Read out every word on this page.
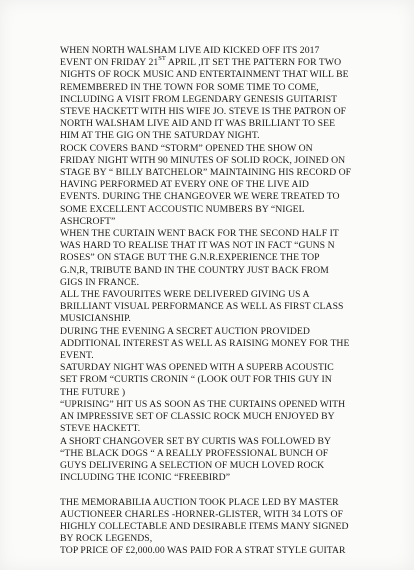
WHEN NORTH WALSHAM LIVE AID KICKED OFF ITS 2017
EVENT ON FRIDAY 21ST APRIL ,IT SET THE PATTERN FOR TWO
NIGHTS OF ROCK MUSIC AND ENTERTAINMENT THAT WILL BE
REMEMBERED IN THE TOWN FOR SOME TIME TO COME,
INCLUDING A VISIT FROM LEGENDARY GENESIS GUITARIST
STEVE HACKETT WITH HIS WIFE JO. STEVE IS THE PATRON OF
NORTH WALSHAM LIVE AID AND IT WAS BRILLIANT TO SEE
HIM AT THE GIG ON THE SATURDAY NIGHT.

ROCK COVERS BAND “STORM” OPENED THE SHOW ON
FRIDAY NIGHT WITH 90 MINUTES OF SOLID ROCK, JOINED ON
STAGE BY “ BILLY BATCHELOR” MAINTAINING HIS RECORD OF
HAVING PERFORMED AT EVERY ONE OF THE LIVE AID
EVENTS. DURING THE CHANGEOVER WE WERE TREATED TO
SOME EXCELLENT ACCOUSTIC NUMBERS BY “NIGEL
ASHCROFT”

WHEN THE CURTAIN WENT BACK FOR THE SECOND HALF IT
WAS HARD TO REALISE THAT IT WAS NOT IN FACT “GUNS N
ROSES” ON STAGE BUT THE G.N.R.EXPERIENCE THE TOP
G.N,R, TRIBUTE BAND IN THE COUNTRY JUST BACK FROM
GIGS IN FRANCE.

ALL THE FAVOURITES WERE DELIVERED GIVING US A
BRILLIANT VISUAL PERFORMANCE AS WELL AS FIRST CLASS
MUSICIANSHIP.

DURING THE EVENING A SECRET AUCTION PROVIDED
ADDITIONAL INTEREST AS WELL AS RAISING MONEY FOR THE
EVENT.

SATURDAY NIGHT WAS OPENED WITH A SUPERB ACOUSTIC
SET FROM “CURTIS CRONIN “ (LOOK OUT FOR THIS GUY IN
THE FUTURE )

“UPRISING” HIT US AS SOON AS THE CURTAINS OPENED WITH
AN IMPRESSIVE SET OF CLASSIC ROCK MUCH ENJOYED BY
STEVE HACKETT.

A SHORT CHANGOVER SET BY CURTIS WAS FOLLOWED BY
“THE BLACK DOGS “ A REALLY PROFESSIONAL BUNCH OF
GUYS DELIVERING A SELECTION OF MUCH LOVED ROCK
INCLUDING THE ICONIC “FREEBIRD”

THE MEMORABILIA AUCTION TOOK PLACE LED BY MASTER
AUCTIONEER CHARLES -HORNER-GLISTER, WITH 34 LOTS OF
HIGHLY COLLECTABLE AND DESIRABLE ITEMS MANY SIGNED
BY ROCK LEGENDS,

TOP PRICE OF £2,000.00 WAS PAID FOR A STRAT STYLE GUITAR
